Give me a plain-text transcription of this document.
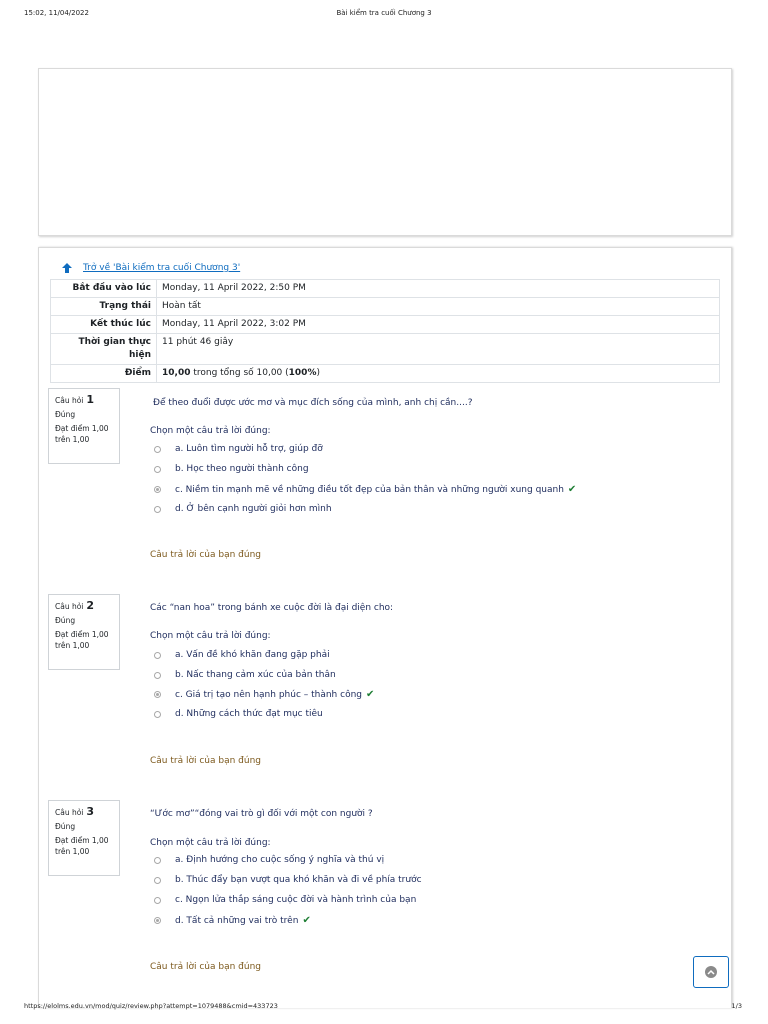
15:02, 11/04/2022	Bài kiểm tra cuối Chương 3
Trở về 'Bài kiểm tra cuối Chương 3'
Bắt đầu vào lúc	Monday, 11 April 2022, 2:50 PM
Trạng thái	Hoàn tất
Kết thúc lúc	Monday, 11 April 2022, 3:02 PM
Thời gian thực hiện	11 phút 46 giây
Điểm	10,00 trong tổng số 10,00 (100%)
Câu hỏi 1
Đúng
Đạt điểm 1,00 trên 1,00
Để theo đuổi được ước mơ và mục đích sống của mình, anh chị cần....?
Chọn một câu trả lời đúng:
a. Luôn tìm người hỗ trợ, giúp đỡ
b. Học theo người thành công
c. Niềm tin mạnh mẽ về những điều tốt đẹp của bản thân và những người xung quanh ✔
d. Ở bên cạnh người giỏi hơn mình
Câu trả lời của bạn đúng
Câu hỏi 2
Đúng
Đạt điểm 1,00 trên 1,00
Các “nan hoa” trong bánh xe cuộc đời là đại diện cho:
Chọn một câu trả lời đúng:
a. Vấn đề khó khăn đang gặp phải
b. Nấc thang cảm xúc của bản thân
c. Giá trị tạo nên hạnh phúc – thành công ✔
d. Những cách thức đạt mục tiêu
Câu trả lời của bạn đúng
Câu hỏi 3
Đúng
Đạt điểm 1,00 trên 1,00
“Ước mơ”“đóng vai trò gì đối với một con người ?
Chọn một câu trả lời đúng:
a. Định hướng cho cuộc sống ý nghĩa và thú vị
b. Thúc đẩy bạn vượt qua khó khăn và đi về phía trước
c. Ngọn lửa thắp sáng cuộc đời và hành trình của bạn
d. Tất cả những vai trò trên ✔
Câu trả lời của bạn đúng
https://elolms.edu.vn/mod/quiz/review.php?attempt=1079488&cmid=433723	1/3
